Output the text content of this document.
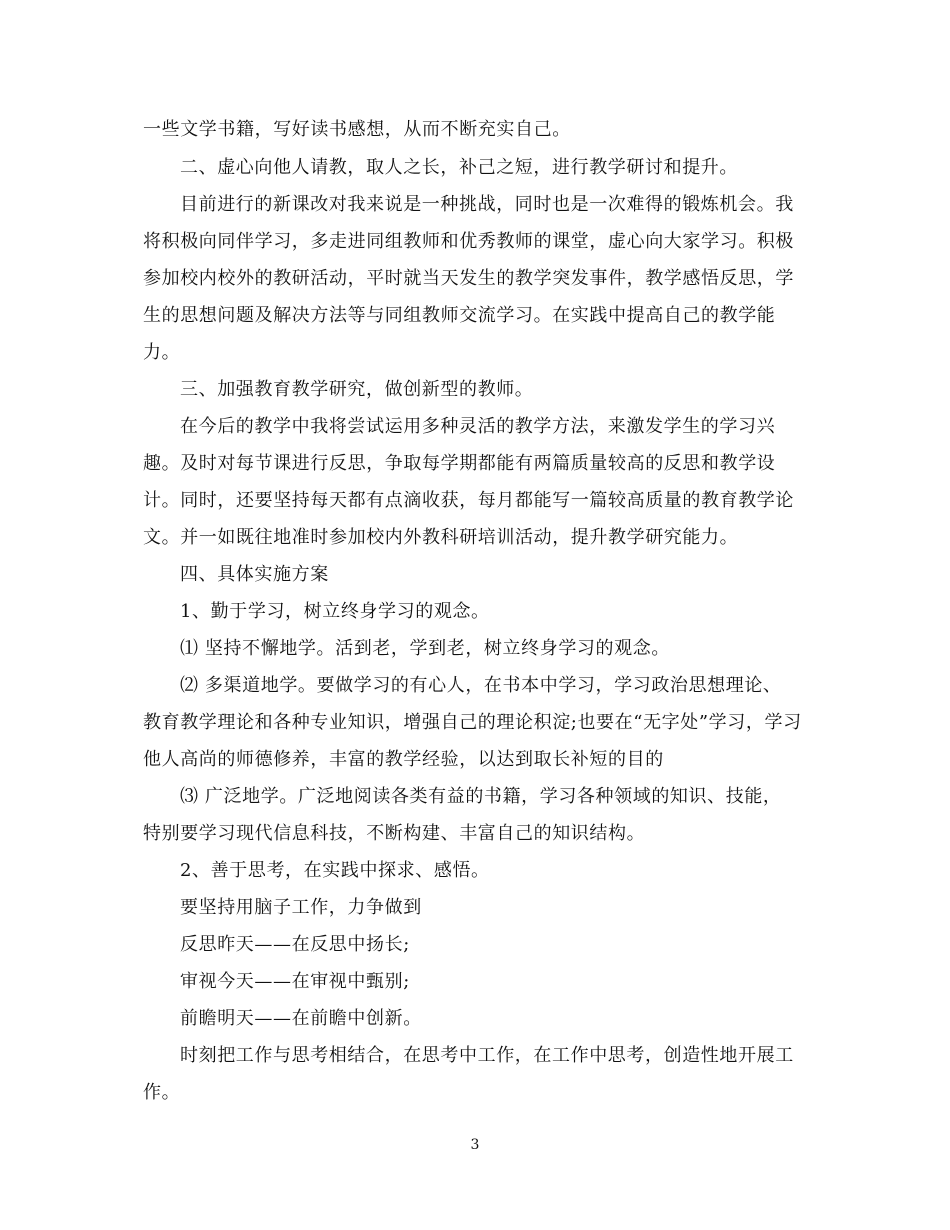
一些文学书籍，写好读书感想，从而不断充实自己。
二、虚心向他人请教，取人之长，补己之短，进行教学研讨和提升。
目前进行的新课改对我来说是一种挑战，同时也是一次难得的锻炼机会。我
将积极向同伴学习，多走进同组教师和优秀教师的课堂，虚心向大家学习。积极
参加校内校外的教研活动，平时就当天发生的教学突发事件，教学感悟反思，学
生的思想问题及解决方法等与同组教师交流学习。在实践中提高自己的教学能
力。
三、加强教育教学研究，做创新型的教师。
在今后的教学中我将尝试运用多种灵活的教学方法，来激发学生的学习兴
趣。及时对每节课进行反思，争取每学期都能有两篇质量较高的反思和教学设
计。同时，还要坚持每天都有点滴收获，每月都能写一篇较高质量的教育教学论
文。并一如既往地准时参加校内外教科研培训活动，提升教学研究能力。
四、具体实施方案
1、勤于学习，树立终身学习的观念。
⑴ 坚持不懈地学。活到老，学到老，树立终身学习的观念。
⑵ 多渠道地学。要做学习的有心人，在书本中学习，学习政治思想理论、
教育教学理论和各种专业知识，增强自己的理论积淀;也要在“无字处”学习，学习
他人高尚的师德修养，丰富的教学经验，以达到取长补短的目的
⑶ 广泛地学。广泛地阅读各类有益的书籍，学习各种领域的知识、技能，
特别要学习现代信息科技，不断构建、丰富自己的知识结构。
2、善于思考，在实践中探求、感悟。
要坚持用脑子工作，力争做到
反思昨天——在反思中扬长;
审视今天——在审视中甄别;
前瞻明天——在前瞻中创新。
时刻把工作与思考相结合，在思考中工作，在工作中思考，创造性地开展工
作。
3
